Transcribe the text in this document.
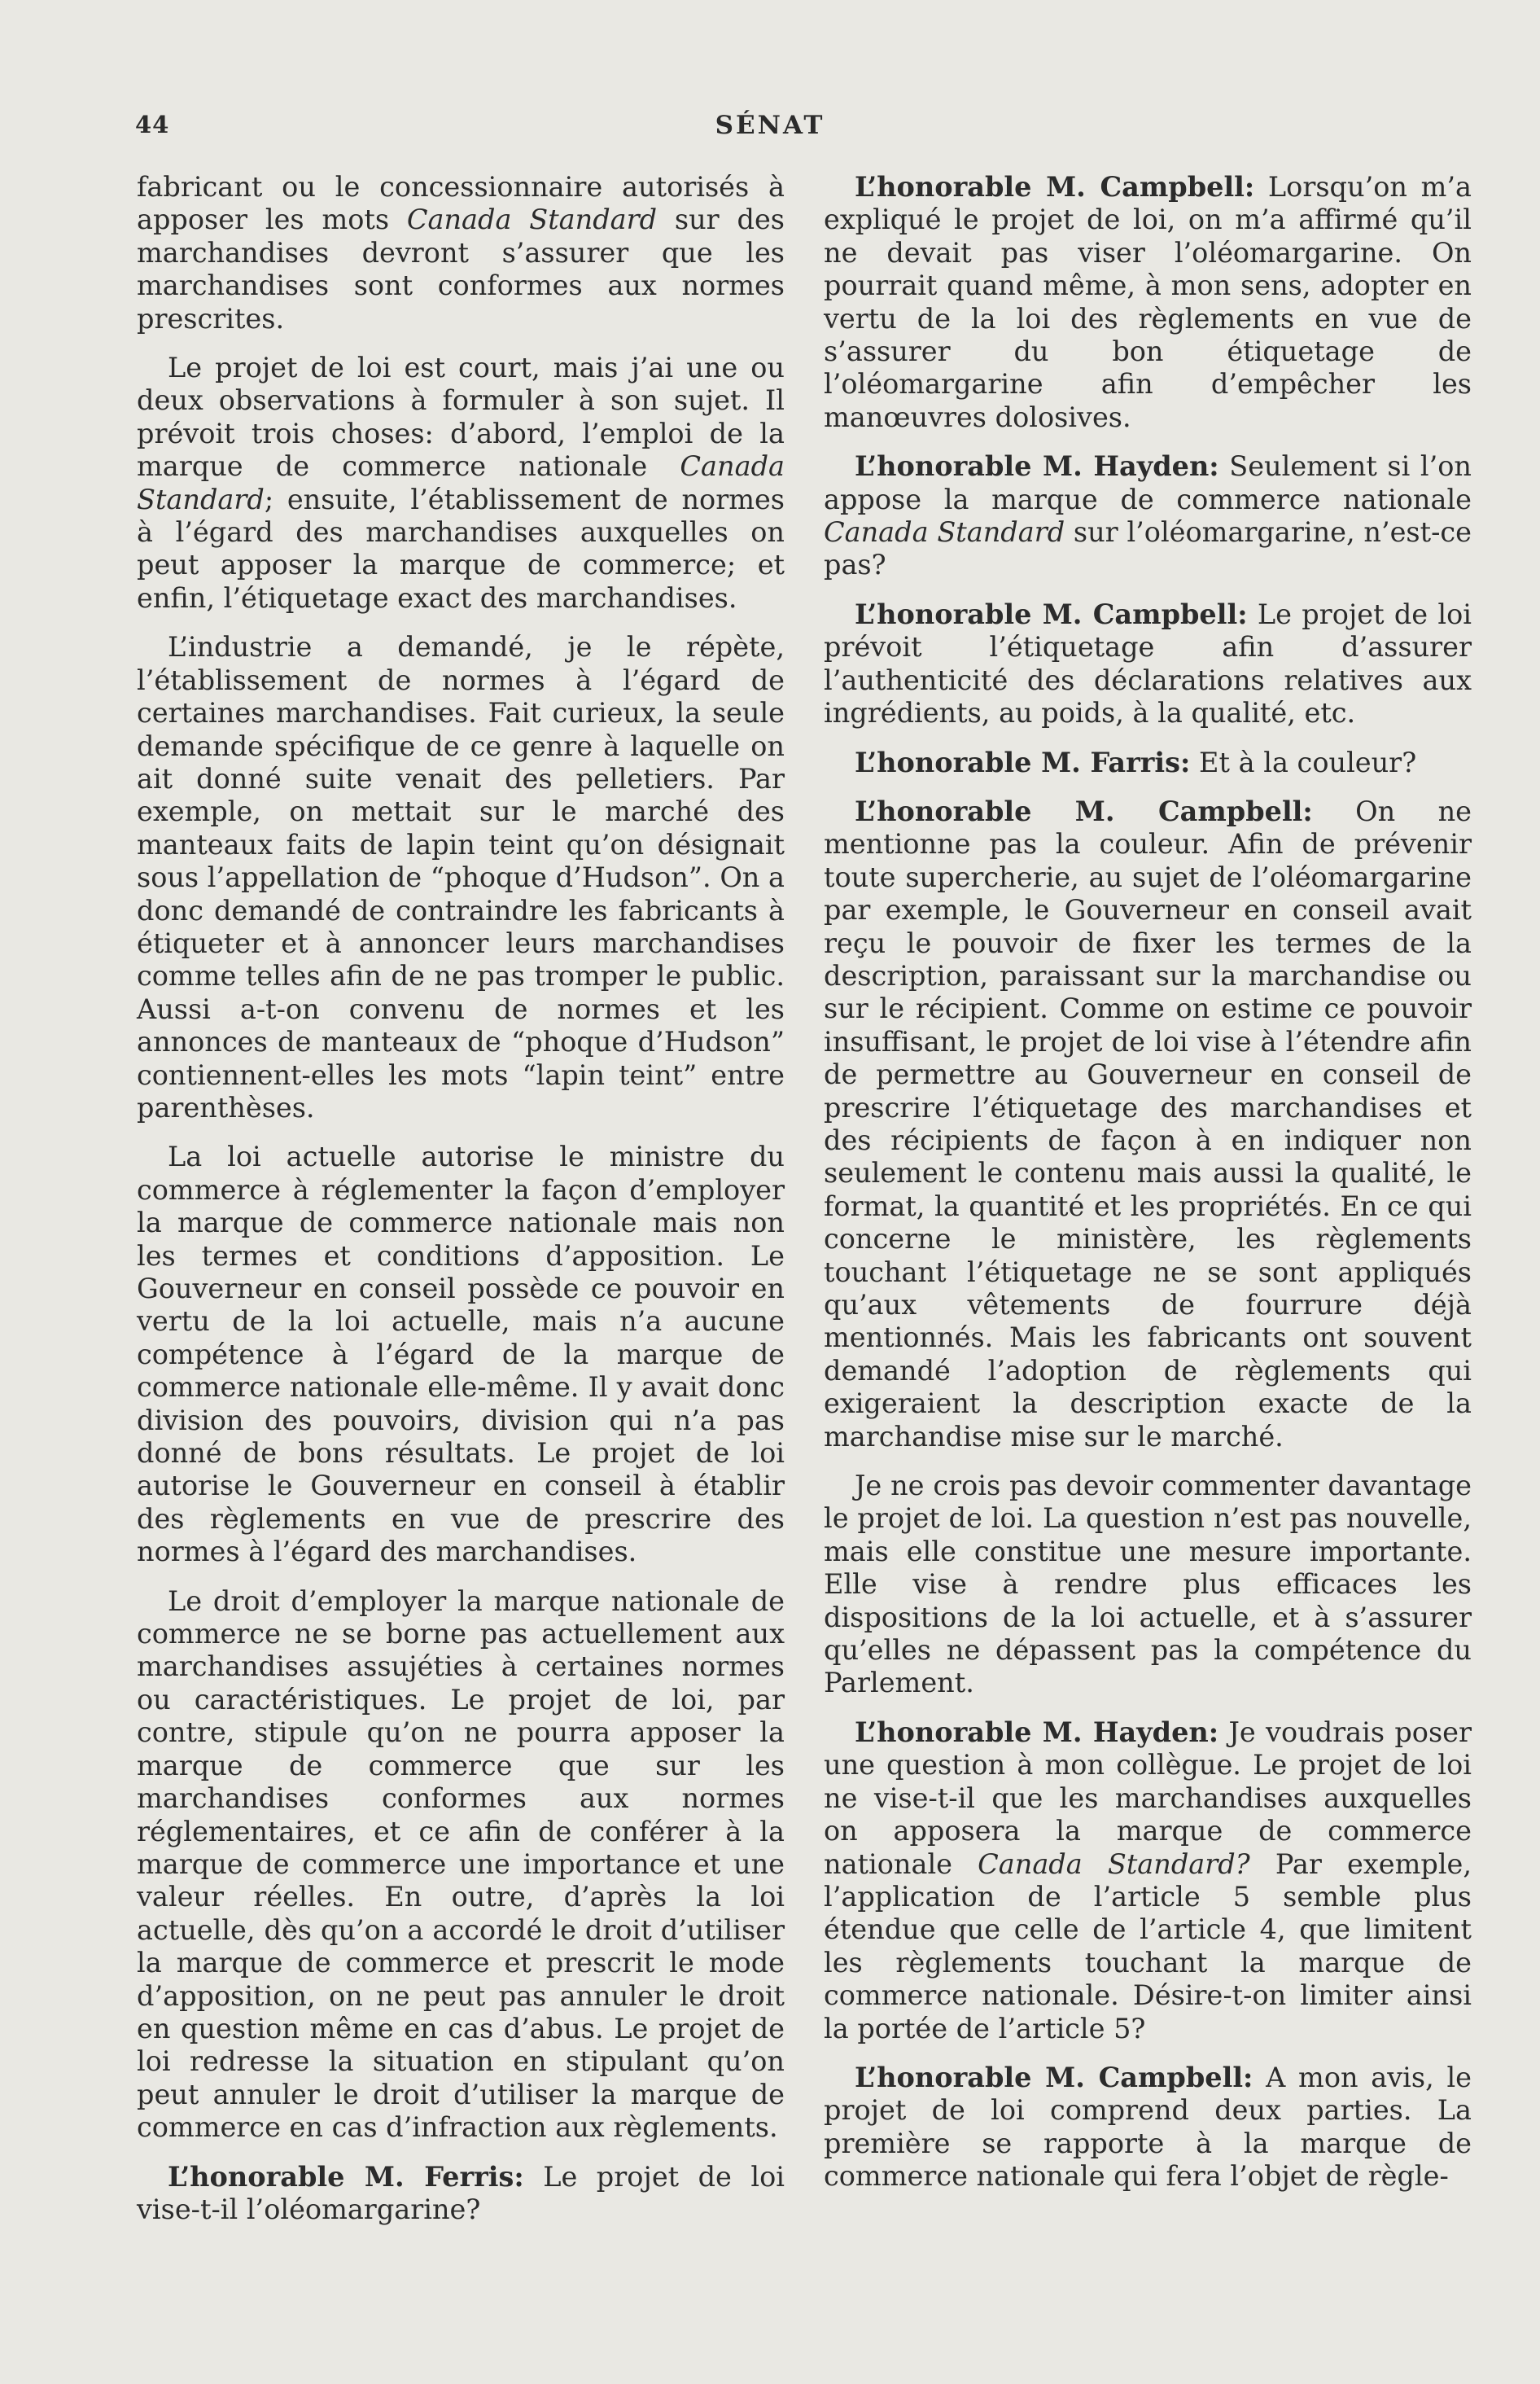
44	SÉNAT

fabricant ou le concessionnaire autorisés à apposer les mots Canada Standard sur des marchandises devront s’assurer que les marchandises sont conformes aux normes prescrites.

Le projet de loi est court, mais j’ai une ou deux observations à formuler à son sujet. Il prévoit trois choses: d’abord, l’emploi de la marque de commerce nationale Canada Standard; ensuite, l’établissement de normes à l’égard des marchandises auxquelles on peut apposer la marque de commerce; et enfin, l’étiquetage exact des marchandises.

L’industrie a demandé, je le répète, l’établissement de normes à l’égard de certaines marchandises. Fait curieux, la seule demande spécifique de ce genre à laquelle on ait donné suite venait des pelletiers. Par exemple, on mettait sur le marché des manteaux faits de lapin teint qu’on désignait sous l’appellation de “phoque d’Hudson”. On a donc demandé de contraindre les fabricants à étiqueter et à annoncer leurs marchandises comme telles afin de ne pas tromper le public. Aussi a-t-on convenu de normes et les annonces de manteaux de “phoque d’Hudson” contiennent-elles les mots “lapin teint” entre parenthèses.

La loi actuelle autorise le ministre du commerce à réglementer la façon d’employer la marque de commerce nationale mais non les termes et conditions d’apposition. Le Gouverneur en conseil possède ce pouvoir en vertu de la loi actuelle, mais n’a aucune compétence à l’égard de la marque de commerce nationale elle-même. Il y avait donc division des pouvoirs, division qui n’a pas donné de bons résultats. Le projet de loi autorise le Gouverneur en conseil à établir des règlements en vue de prescrire des normes à l’égard des marchandises.

Le droit d’employer la marque nationale de commerce ne se borne pas actuellement aux marchandises assujéties à certaines normes ou caractéristiques. Le projet de loi, par contre, stipule qu’on ne pourra apposer la marque de commerce que sur les marchandises conformes aux normes réglementaires, et ce afin de conférer à la marque de commerce une importance et une valeur réelles. En outre, d’après la loi actuelle, dès qu’on a accordé le droit d’utiliser la marque de commerce et prescrit le mode d’apposition, on ne peut pas annuler le droit en question même en cas d’abus. Le projet de loi redresse la situation en stipulant qu’on peut annuler le droit d’utiliser la marque de commerce en cas d’infraction aux règlements.

L’honorable M. Ferris: Le projet de loi vise-t-il l’oléomargarine?

L’honorable M. Campbell: Lorsqu’on m’a expliqué le projet de loi, on m’a affirmé qu’il ne devait pas viser l’oléomargarine. On pourrait quand même, à mon sens, adopter en vertu de la loi des règlements en vue de s’assurer du bon étiquetage de l’oléomargarine afin d’empêcher les manœuvres dolosives.

L’honorable M. Hayden: Seulement si l’on appose la marque de commerce nationale Canada Standard sur l’oléomargarine, n’est-ce pas?

L’honorable M. Campbell: Le projet de loi prévoit l’étiquetage afin d’assurer l’authenticité des déclarations relatives aux ingrédients, au poids, à la qualité, etc.

L’honorable M. Farris: Et à la couleur?

L’honorable M. Campbell: On ne mentionne pas la couleur. Afin de prévenir toute supercherie, au sujet de l’oléomargarine par exemple, le Gouverneur en conseil avait reçu le pouvoir de fixer les termes de la description, paraissant sur la marchandise ou sur le récipient. Comme on estime ce pouvoir insuffisant, le projet de loi vise à l’étendre afin de permettre au Gouverneur en conseil de prescrire l’étiquetage des marchandises et des récipients de façon à en indiquer non seulement le contenu mais aussi la qualité, le format, la quantité et les propriétés. En ce qui concerne le ministère, les règlements touchant l’étiquetage ne se sont appliqués qu’aux vêtements de fourrure déjà mentionnés. Mais les fabricants ont souvent demandé l’adoption de règlements qui exigeraient la description exacte de la marchandise mise sur le marché.

Je ne crois pas devoir commenter davantage le projet de loi. La question n’est pas nouvelle, mais elle constitue une mesure importante. Elle vise à rendre plus efficaces les dispositions de la loi actuelle, et à s’assurer qu’elles ne dépassent pas la compétence du Parlement.

L’honorable M. Hayden: Je voudrais poser une question à mon collègue. Le projet de loi ne vise-t-il que les marchandises auxquelles on apposera la marque de commerce nationale Canada Standard? Par exemple, l’application de l’article 5 semble plus étendue que celle de l’article 4, que limitent les règlements touchant la marque de commerce nationale. Désire-t-on limiter ainsi la portée de l’article 5?

L’honorable M. Campbell: A mon avis, le projet de loi comprend deux parties. La première se rapporte à la marque de commerce nationale qui fera l’objet de règle-
